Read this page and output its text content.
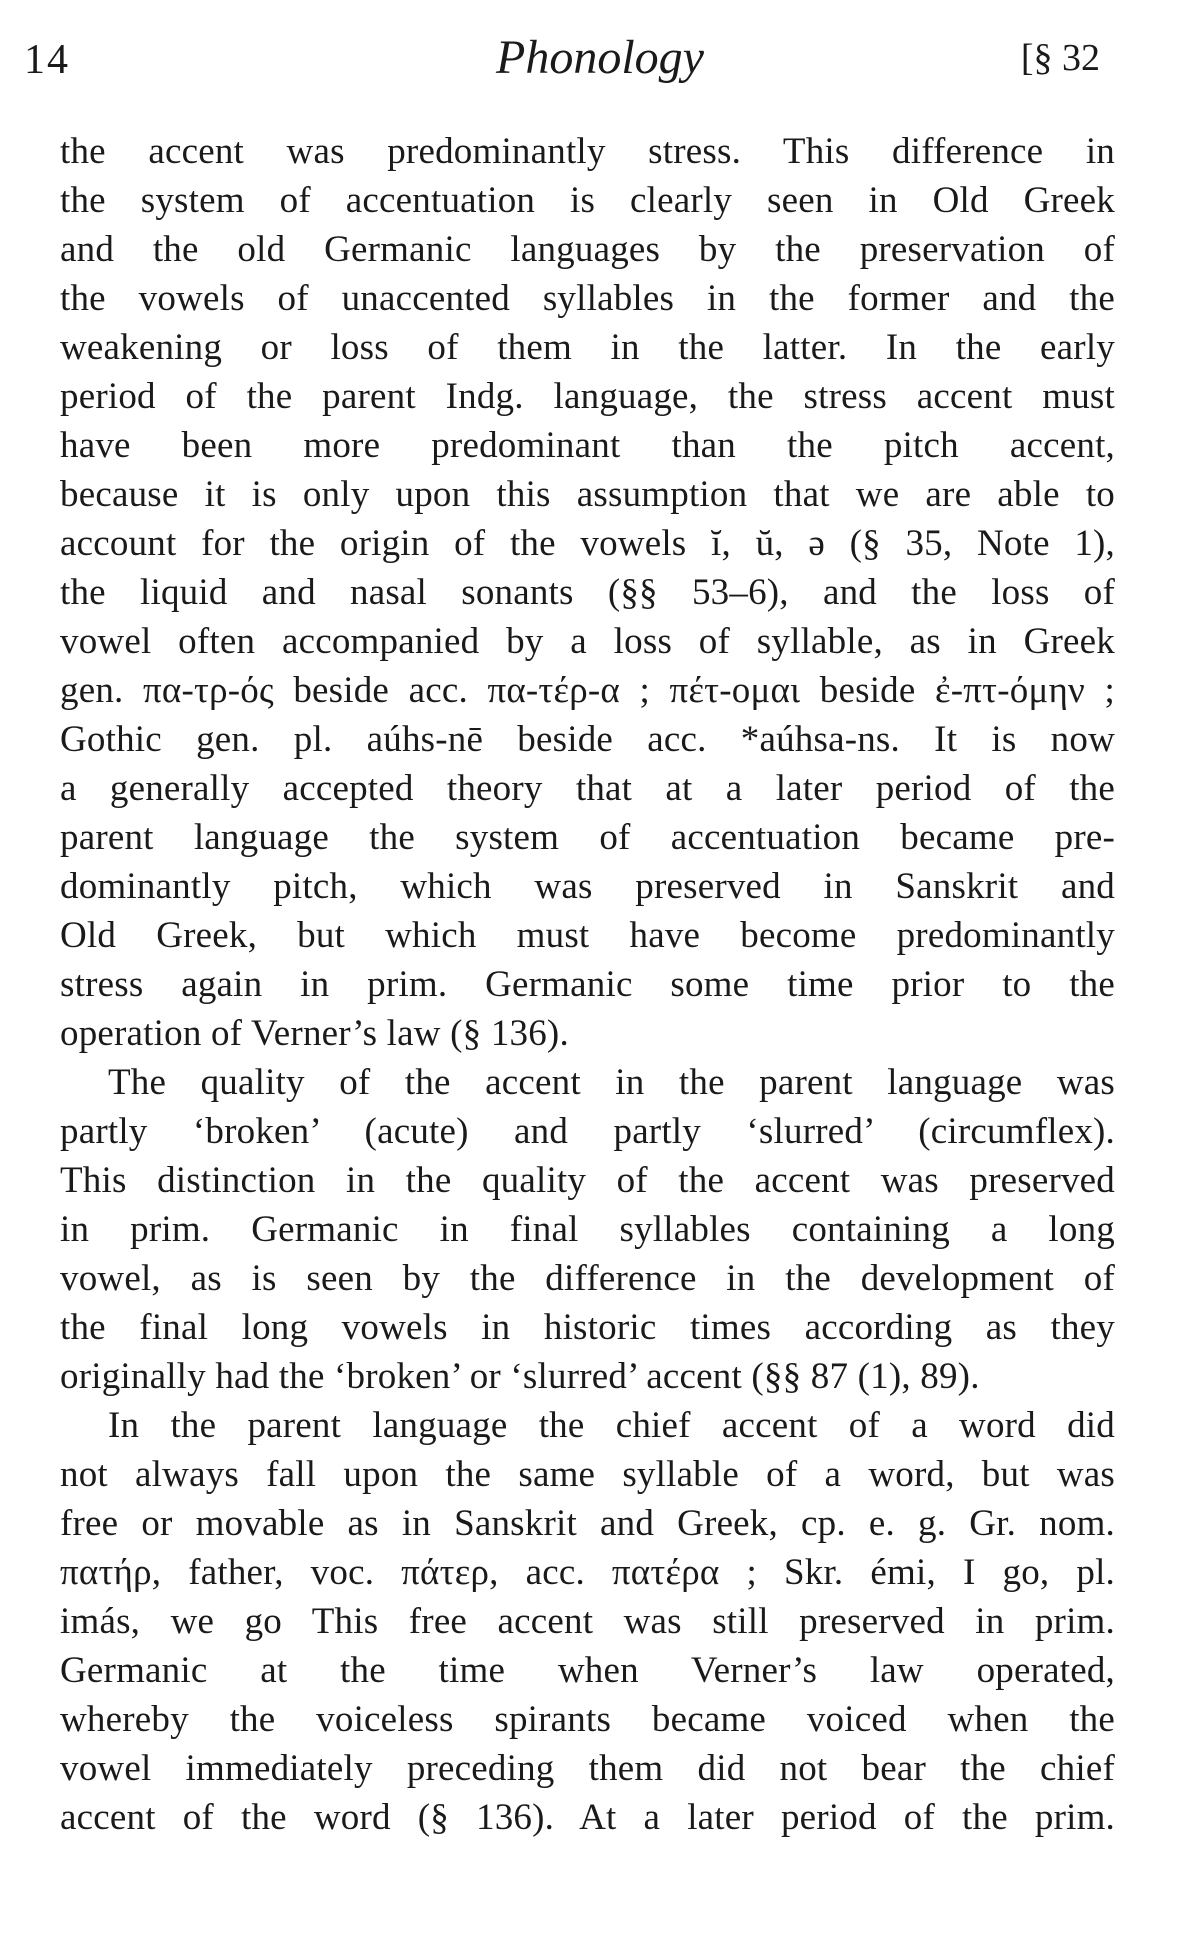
14	Phonology	[§ 32
the accent was predominantly stress. This difference in
the system of accentuation is clearly seen in Old Greek
and the old Germanic languages by the preservation of
the vowels of unaccented syllables in the former and the
weakening or loss of them in the latter. In the early
period of the parent Indg. language, the stress accent must
have been more predominant than the pitch accent,
because it is only upon this assumption that we are able to
account for the origin of the vowels ĭ, ŭ, ə (§ 35, Note 1),
the liquid and nasal sonants (§§ 53–6), and the loss of
vowel often accompanied by a loss of syllable, as in Greek
gen. πα-τρ-ός beside acc. πα-τέρ-α ; πέτ-ομαι beside ἐ-πτ-όμην ;
Gothic gen. pl. aúhs-nē beside acc. *aúhsa-ns. It is now
a generally accepted theory that at a later period of the
parent language the system of accentuation became pre-
dominantly pitch, which was preserved in Sanskrit and
Old Greek, but which must have become predominantly
stress again in prim. Germanic some time prior to the
operation of Verner’s law (§ 136).
The quality of the accent in the parent language was
partly ‘broken’ (acute) and partly ‘slurred’ (circumflex).
This distinction in the quality of the accent was preserved
in prim. Germanic in final syllables containing a long
vowel, as is seen by the difference in the development of
the final long vowels in historic times according as they
originally had the ‘broken’ or ‘slurred’ accent (§§ 87 (1), 89).
In the parent language the chief accent of a word did
not always fall upon the same syllable of a word, but was
free or movable as in Sanskrit and Greek, cp. e. g. Gr. nom.
πατήρ, father, voc. πάτερ, acc. πατέρα ; Skr. émi, I go, pl.
imás, we go This free accent was still preserved in prim.
Germanic at the time when Verner’s law operated,
whereby the voiceless spirants became voiced when the
vowel immediately preceding them did not bear the chief
accent of the word (§ 136). At a later period of the prim.
